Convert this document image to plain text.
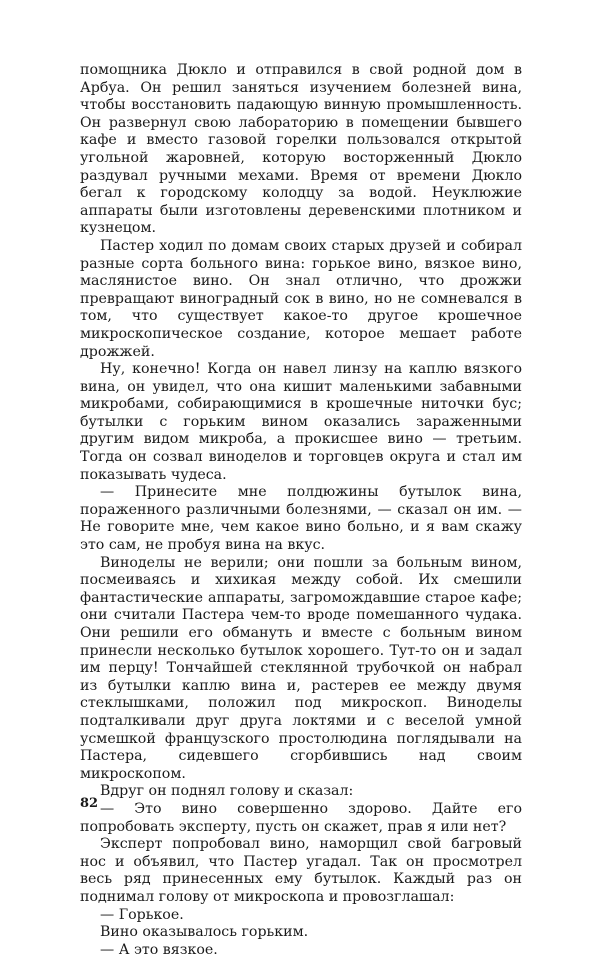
помощника Дюкло и отправился в свой родной дом в Арбуа. Он решил заняться изучением болезней вина, чтобы восстановить падающую винную промышленность. Он развернул свою лабораторию в помещении бывшего кафе и вместо газовой горелки пользовался открытой угольной жаровней, которую восторженный Дюкло раздувал ручными мехами. Время от времени Дюкло бегал к городскому колодцу за водой. Неуклюжие аппараты были изготовлены деревенскими плотником и кузнецом.

Пастер ходил по домам своих старых друзей и собирал разные сорта больного вина: горькое вино, вязкое вино, маслянистое вино. Он знал отлично, что дрожжи превращают виноградный сок в вино, но не сомневался в том, что существует какое-то другое крошечное микроскопическое создание, которое мешает работе дрожжей.

Ну, конечно! Когда он навел линзу на каплю вязкого вина, он увидел, что она кишит маленькими забавными микробами, собирающимися в крошечные ниточки бус; бутылки с горьким вином оказались зараженными другим видом микроба, а прокисшее вино — третьим. Тогда он созвал виноделов и торговцев округа и стал им показывать чудеса.

— Принесите мне полдюжины бутылок вина, пораженного различными болезнями, — сказал он им. — Не говорите мне, чем какое вино больно, и я вам скажу это сам, не пробуя вина на вкус.

Виноделы не верили; они пошли за больным вином, посмеиваясь и хихикая между собой. Их смешили фантастические аппараты, загромождавшие старое кафе; они считали Пастера чем-то вроде помешанного чудака. Они решили его обмануть и вместе с больным вином принесли несколько бутылок хорошего. Тут-то он и задал им перцу! Тончайшей стеклянной трубочкой он набрал из бутылки каплю вина и, растерев ее между двумя стеклышками, положил под микроскоп. Виноделы подталкивали друг друга локтями и с веселой умной усмешкой французского простолюдина поглядывали на Пастера, сидевшего сгорбившись над своим микроскопом.

Вдруг он поднял голову и сказал:

— Это вино совершенно здорово. Дайте его попробовать эксперту, пусть он скажет, прав я или нет?

Эксперт попробовал вино, наморщил свой багровый нос и объявил, что Пастер угадал. Так он просмотрел весь ряд принесенных ему бутылок. Каждый раз он поднимал голову от микроскопа и провозглашал:

— Горькое.

Вино оказывалось горьким.

— А это вязкое.

82
